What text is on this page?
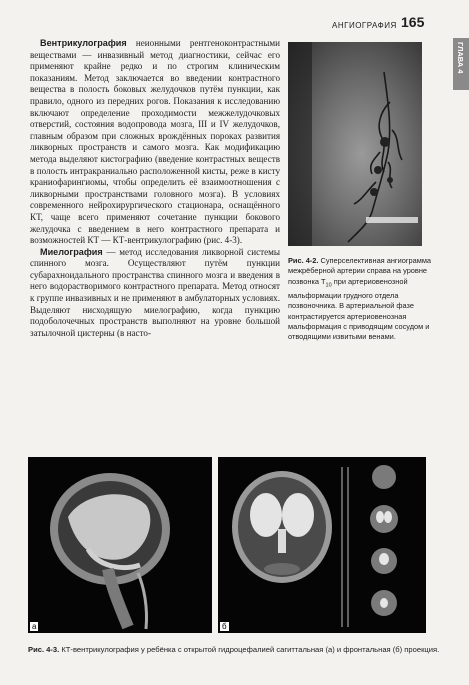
АНГИОГРАФИЯ 165
ГЛАВА 4

Вентрикулография неионными рентгеноконтрастными веществами — инвазивный метод диагностики, сейчас его применяют крайне редко и по строгим клиническим показаниям. Метод заключается во введении контрастного вещества в полость боковых желудочков путём пункции, как правило, одного из передних рогов. Показания к исследованию включают определение проходимости межжелудочковых отверстий, состояния водопровода мозга, III и IV желудочков, главным образом при сложных врождённых пороках развития ликворных пространств и самого мозга. Как модификацию метода выделяют кистографию (введение контрастных веществ в полость интракраниально расположенной кисты, реже в кисту краниофарингиомы, чтобы определить её взаимоотношения с ликворными пространствами головного мозга). В условиях современного нейрохирургического стационара, оснащённого КТ, чаще всего применяют сочетание пункции бокового желудочка с введением в него контрастного препарата и возможностей КТ — КТ-вентрикулографию (рис. 4-3).

Миелография — метод исследования ликворной системы спинного мозга. Осуществляют путём пункции субарахноидального пространства спинного мозга и введения в него водорастворимого контрастного препарата. Метод относят к группе инвазивных и не применяют в амбулаторных условиях. Выделяют нисходящую миелографию, когда пункцию подоболочечных пространств выполняют на уровне большой затылочной цистерны (в насто-

Рис. 4-2. Суперселективная ангиограмма межрёберной артерии справа на уровне позвонка $Т_{10}$ при артериовенозной мальформации грудного отдела позвоночника. В артериальной фазе контрастируется артериовенозная мальформация с приводящим сосудом и отводящими извитыми венами.
а	б
Рис. 4-3. КТ-вентрикулография у ребёнка с открытой гидроцефалией сагиттальная (а) и фронтальная (б) проекция.
